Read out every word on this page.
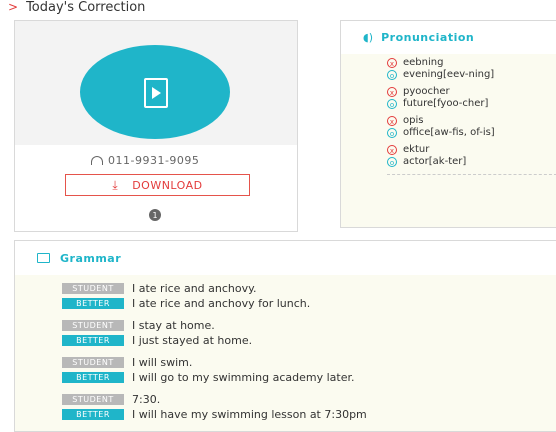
> Today's Correction
011-9931-9095
⤓ DOWNLOAD
1
◖) Pronunciation
x eebning
o evening[eev-ning]
x pyoocher
o future[fyoo-cher]
x opis
o office[aw-fis, of-is]
x ektur
o actor[ak-ter]
Grammar
STUDENT	I ate rice and anchovy.
BETTER	I ate rice and anchovy for lunch.
STUDENT	I stay at home.
BETTER	I just stayed at home.
STUDENT	I will swim.
BETTER	I will go to my swimming academy later.
STUDENT	7:30.
BETTER	I will have my swimming lesson at 7:30pm
